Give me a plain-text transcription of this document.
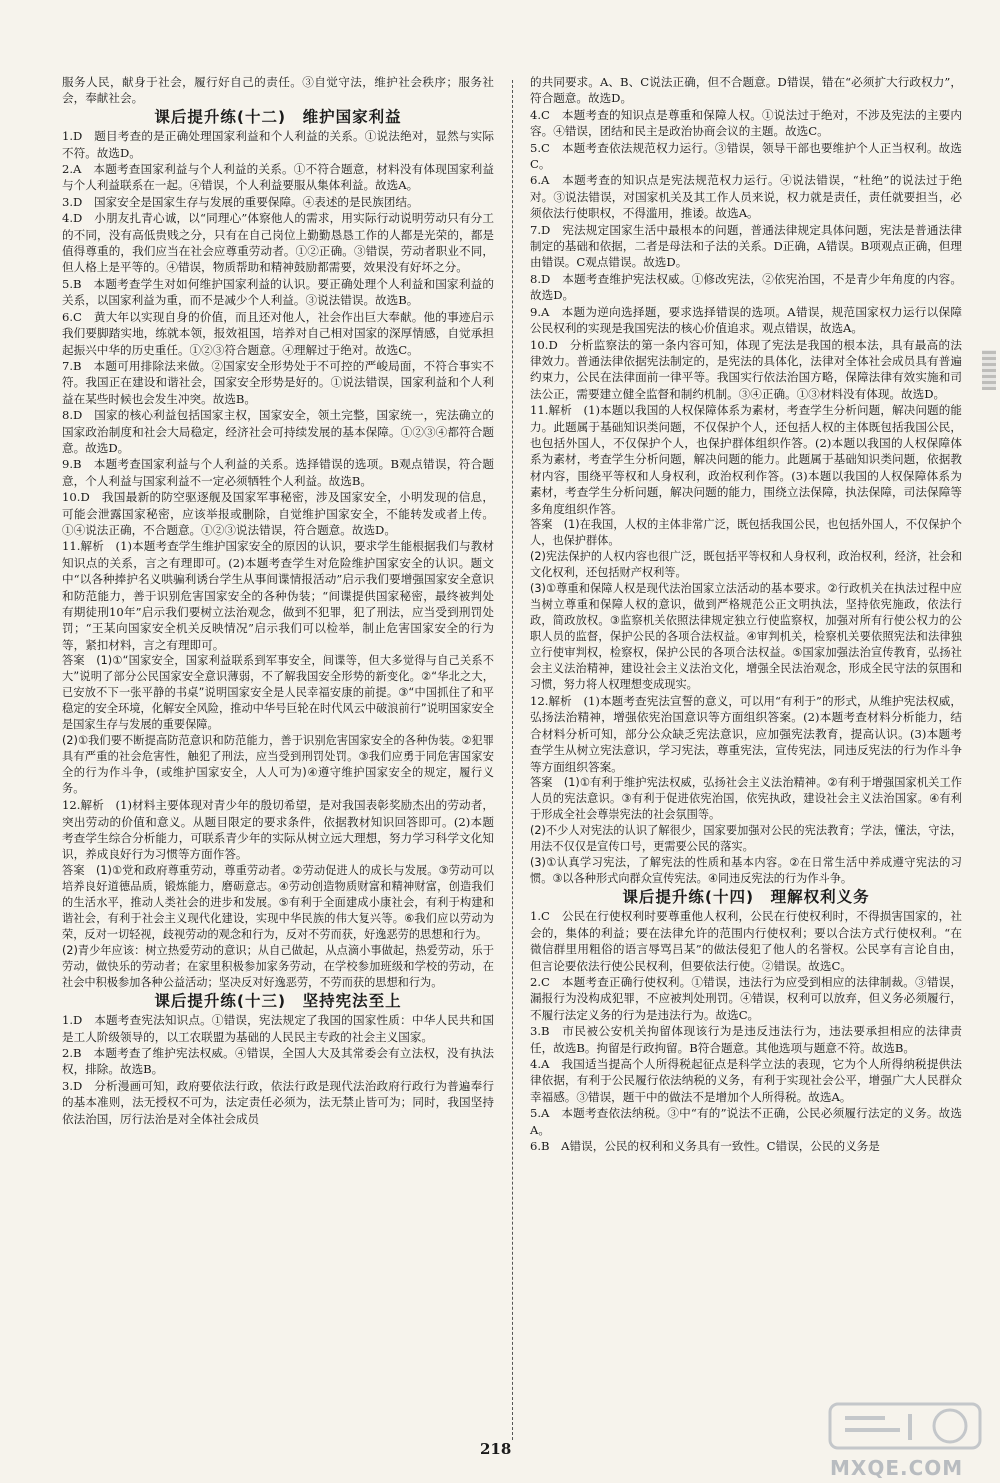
服务人民，献身于社会，履行好自己的责任。③自觉守法，维护社会秩序；服务社会，奉献社会。

课后提升练(十二)　维护国家利益

1.D　题目考查的是正确处理国家利益和个人利益的关系。①说法绝对，显然与实际不符。故选D。

2.A　本题考查国家利益与个人利益的关系。①不符合题意，材料没有体现国家利益与个人利益联系在一起。④错误，个人利益要服从集体利益。故选A。

3.D　国家安全是国家生存与发展的重要保障。④表述的是民族团结。

4.D　小朋友扎青心诚，以“同理心”体察他人的需求，用实际行动说明劳动只有分工的不同，没有高低贵贱之分，只有在自己岗位上勤勤恳恳工作的人都是光荣的，都是值得尊重的，我们应当在社会应尊重劳动者。①②正确。③错误，劳动者职业不同，但人格上是平等的。④错误，物质帮助和精神鼓励都需要，效果没有好坏之分。

5.B　本题考查学生对如何维护国家利益的认识。要正确处理个人利益和国家利益的关系，以国家利益为重，而不是减少个人利益。③说法错误。故选B。

6.C　黄大年以实现自身的价值，而且还对他人，社会作出巨大奉献。他的事迹启示我们要脚踏实地，练就本领，报效祖国，培养对自己相对国家的深厚情感，自觉承担起振兴中华的历史重任。①②③符合题意。④理解过于绝对。故选C。

7.B　本题可用排除法来做。②国家安全形势处于不可控的严峻局面，不符合事实不符。我国正在建设和谐社会，国家安全形势是好的。①说法错误，国家利益和个人利益在某些时候也会发生冲突。故选B。

8.D　国家的核心利益包括国家主权，国家安全，领土完整，国家统一，宪法确立的国家政治制度和社会大局稳定，经济社会可持续发展的基本保障。①②③④都符合题意。故选D。

9.B　本题考查国家利益与个人利益的关系。选择错误的选项。B观点错误，符合题意，个人利益与国家利益不一定必须牺牲个人利益。故选B。

10.D　我国最新的防空驱逐舰及国家军事秘密，涉及国家安全，小明发现的信息，可能会泄露国家秘密，应该举报或删除，自觉维护国家安全，不能转发或者上传。①④说法正确，不合题意。①②③说法错误，符合题意。故选D。

11.解析　(1)本题考查学生维护国家安全的原因的认识，要求学生能根据我们与教材知识点的关系，言之有理即可。(2)本题考查学生对危险维护国家安全的认识。题文中“以各种捧护名义哄骗利诱台学生从事间谍情报活动”启示我们要增强国家安全意识和防范能力，善于识别危害国家安全的各种伪装；“间谍提供国家秘密，最终被判处有期徒刑10年”启示我们要树立法治观念，做到不犯罪，犯了刑法，应当受到刑罚处罚；“王某向国家安全机关反映情况”启示我们可以检举，制止危害国家安全的行为等，紧扣材料，言之有理即可。

答案　(1)①“国家安全，国家利益联系到军事安全，间谍等，但大多觉得与自己关系不大”说明了部分公民国家安全意识薄弱，不了解我国安全形势的新变化。②“华北之大，已安放不下一张平静的书桌”说明国家安全是人民幸福安康的前提。③“中国抓住了和平稳定的安全环境，化解安全风险，推动中华号巨轮在时代风云中破浪前行”说明国家安全是国家生存与发展的重要保障。

(2)①我们要不断提高防范意识和防范能力，善于识别危害国家安全的各种伪装。②犯罪具有严重的社会危害性，触犯了刑法，应当受到刑罚处罚。③我们应勇于同危害国家安全的行为作斗争，(或维护国家安全，人人可为)④遵守维护国家安全的规定，履行义务。

12.解析　(1)材料主要体现对青少年的殷切希望，是对我国表彰奖励杰出的劳动者，突出劳动的价值和意义。从题目限定的要求条件，依据教材知识回答即可。(2)本题考查学生综合分析能力，可联系青少年的实际从树立远大理想，努力学习科学文化知识，养成良好行为习惯等方面作答。

答案　(1)①党和政府尊重劳动，尊重劳动者。②劳动促进人的成长与发展。③劳动可以培养良好道德品质，锻炼能力，磨砺意志。④劳动创造物质财富和精神财富，创造我们的生活水平，推动人类社会的进步和发展。⑤有利于全面建成小康社会，有利于构建和谐社会，有利于社会主义现代化建设，实现中华民族的伟大复兴等。⑥我们应以劳动为荣，反对一切轻视，歧视劳动的观念和行为，反对不劳而获，好逸恶劳的思想和行为。

(2)青少年应该：树立热爱劳动的意识；从自己做起，从点滴小事做起，热爱劳动，乐于劳动，做快乐的劳动者；在家里积极参加家务劳动，在学校参加班级和学校的劳动，在社会中积极参加各种公益活动；坚决反对好逸恶劳，不劳而获的思想和行为。

课后提升练(十三)　坚持宪法至上

1.D　本题考查宪法知识点。①错误，宪法规定了我国的国家性质：中华人民共和国是工人阶级领导的，以工农联盟为基础的人民民主专政的社会主义国家。

2.B　本题考查了维护宪法权威。④错误，全国人大及其常委会有立法权，没有执法权，排除。故选B。

3.D　分析漫画可知，政府要依法行政，依法行政是现代法治政府行政行为普遍奉行的基本准则，法无授权不可为，法定责任必须为，法无禁止皆可为；同时，我国坚持依法治国，厉行法治是对全体社会成员

的共同要求。A、B、C说法正确，但不合题意。D错误，错在“必须扩大行政权力”，符合题意。故选D。

4.C　本题考查的知识点是尊重和保障人权。①说法过于绝对，不涉及宪法的主要内容。④错误，团结和民主是政治协商会议的主题。故选C。

5.C　本题考查依法规范权力运行。③错误，领导干部也要维护个人正当权利。故选C。

6.A　本题考查的知识点是宪法规范权力运行。④说法错误，“杜绝”的说法过于绝对。③说法错误，对国家机关及其工作人员来说，权力就是责任，责任就要担当，必须依法行使职权，不得滥用，推诿。故选A。

7.D　宪法规定国家生活中最根本的问题，普通法律规定具体问题，宪法是普通法律制定的基础和依据，二者是母法和子法的关系。D正确，A错误。B项观点正确，但理由错误。C观点错误。故选D。

8.D　本题考查维护宪法权威。①修改宪法，②依宪治国，不是青少年角度的内容。故选D。

9.A　本题为逆向选择题，要求选择错误的选项。A错误，规范国家权力运行以保障公民权利的实现是我国宪法的核心价值追求。观点错误，故选A。

10.D　分析监察法的第一条内容可知，体现了宪法是我国的根本法，具有最高的法律效力。普通法律依据宪法制定的，是宪法的具体化，法律对全体社会成员具有普遍约束力，公民在法律面前一律平等。我国实行依法治国方略，保障法律有效实施和司法公正，需要建立健全监督和制约机制。③④正确。①③材料没有体现。故选D。

11.解析　(1)本题以我国的人权保障体系为素材，考查学生分析问题，解决问题的能力。此题属于基础知识类问题，不仅保护个人，还包括人权的主体既包括我国公民，也包括外国人，不仅保护个人，也保护群体组织作答。(2)本题以我国的人权保障体系为素材，考查学生分析问题，解决问题的能力。此题属于基础知识类问题，依据教材内容，围绕平等权和人身权利，政治权利作答。(3)本题以我国的人权保障体系为素材，考查学生分析问题，解决问题的能力，围绕立法保障，执法保障，司法保障等多角度组织作答。

答案　(1)在我国，人权的主体非常广泛，既包括我国公民，也包括外国人，不仅保护个人，也保护群体。

(2)宪法保护的人权内容也很广泛，既包括平等权和人身权利，政治权利，经济，社会和文化权利，还包括财产权利等。

(3)①尊重和保障人权是现代法治国家立法活动的基本要求。②行政机关在执法过程中应当树立尊重和保障人权的意识，做到严格规范公正文明执法，坚持依宪施政，依法行政，简政放权。③监察机关依照法律规定独立行使监察权，加强对所有行使公权力的公职人员的监督，保护公民的各项合法权益。④审判机关，检察机关要依照宪法和法律独立行使审判权，检察权，保护公民的各项合法权益。⑤国家加强法治宣传教育，弘扬社会主义法治精神，建设社会主义法治文化，增强全民法治观念，形成全民守法的氛围和习惯，努力将人权理想变成现实。

12.解析　(1)本题考查宪法宣誓的意义，可以用“有利于”的形式，从维护宪法权威，弘扬法治精神，增强依宪治国意识等方面组织答案。(2)本题考查材料分析能力，结合材料分析可知，部分公众缺乏宪法意识，应加强宪法教育，提高认识。(3)本题考查学生从树立宪法意识，学习宪法，尊重宪法，宣传宪法，同违反宪法的行为作斗争等方面组织答案。

答案　(1)①有利于维护宪法权威，弘扬社会主义法治精神。②有利于增强国家机关工作人员的宪法意识。③有利于促进依宪治国，依宪执政，建设社会主义法治国家。④有利于形成全社会尊崇宪法的社会氛围等。

(2)不少人对宪法的认识了解很少，国家要加强对公民的宪法教育；学法，懂法，守法，用法不仅仅是宣传口号，更需要公民的落实。

(3)①认真学习宪法，了解宪法的性质和基本内容。②在日常生活中养成遵守宪法的习惯。③以各种形式向群众宣传宪法。④同违反宪法的行为作斗争。

课后提升练(十四)　理解权利义务

1.C　公民在行使权利时要尊重他人权利，公民在行使权利时，不得损害国家的，社会的，集体的利益；要在法律允许的范围内行使权利；要以合法方式行使权利。“在微信群里用粗俗的语言辱骂吕某”的做法侵犯了他人的名誉权。公民享有言论自由，但言论要依法行使公民权利，但要依法行使。②错误。故选C。

2.C　本题考查正确行使权利。①错误，违法行为应受到相应的法律制裁。③错误，漏报行为没构成犯罪，不应被判处刑罚。④错误，权利可以放弃，但义务必须履行，不履行法定义务的行为是违法行为。故选C。

3.B　市民被公安机关拘留体现该行为是违反违法行为，违法要承担相应的法律责任，故选B。拘留是行政拘留。B符合题意。其他选项与题意不符。故选B。

4.A　我国适当提高个人所得税起征点是科学立法的表现，它为个人所得纳税提供法律依据，有利于公民履行依法纳税的义务，有利于实现社会公平，增强广大人民群众幸福感。③错误，题干中的做法不是增加个人所得税。故选A。

5.A　本题考查依法纳税。③中“有的”说法不正确，公民必须履行法定的义务。故选A。

6.B　A错误，公民的权利和义务具有一致性。C错误，公民的义务是

218
MXQE.COM
